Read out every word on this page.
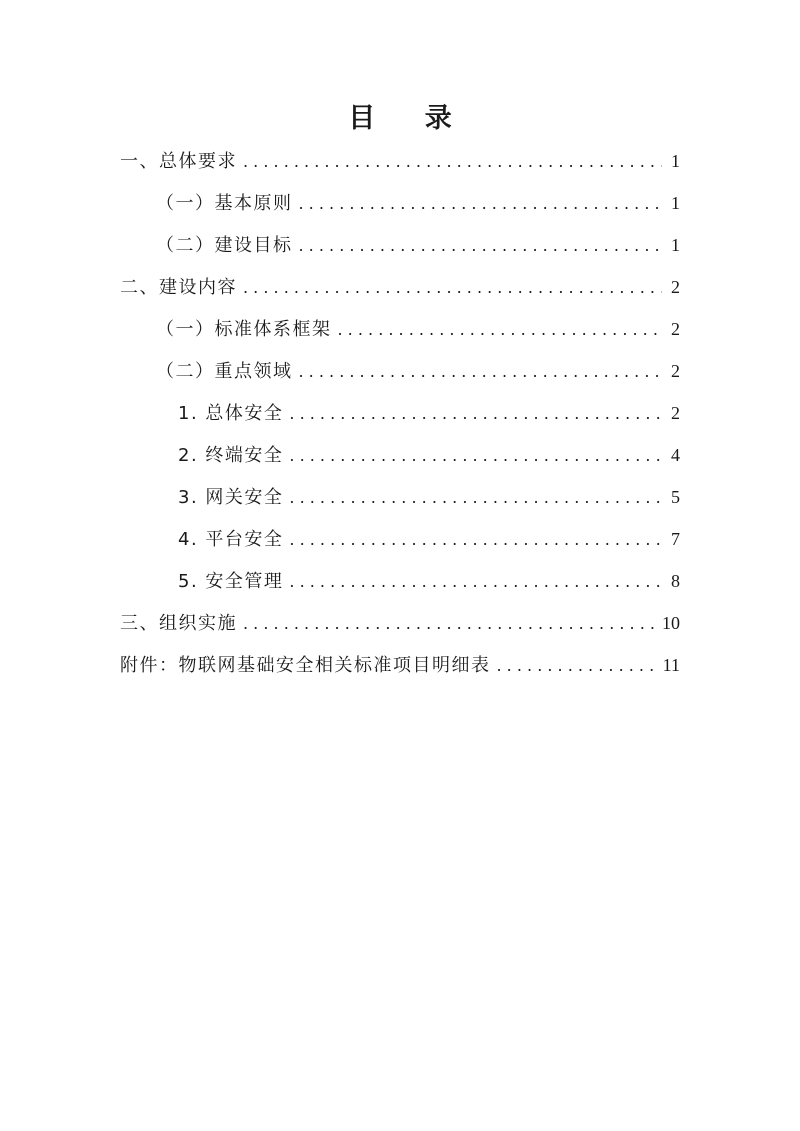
目 录
一、总体要求 . . .	1
（一）基本原则 . . .	1
（二）建设目标 . . .	1
二、建设内容 . . .	2
（一）标准体系框架 . . .	2
（二）重点领域 . . .	2
1. 总体安全 . . .	2
2. 终端安全 . . .	4
3. 网关安全 . . .	5
4. 平台安全 . . .	7
5. 安全管理 . . .	8
三、组织实施 . . .	10
附件：物联网基础安全相关标准项目明细表 . . .	11
